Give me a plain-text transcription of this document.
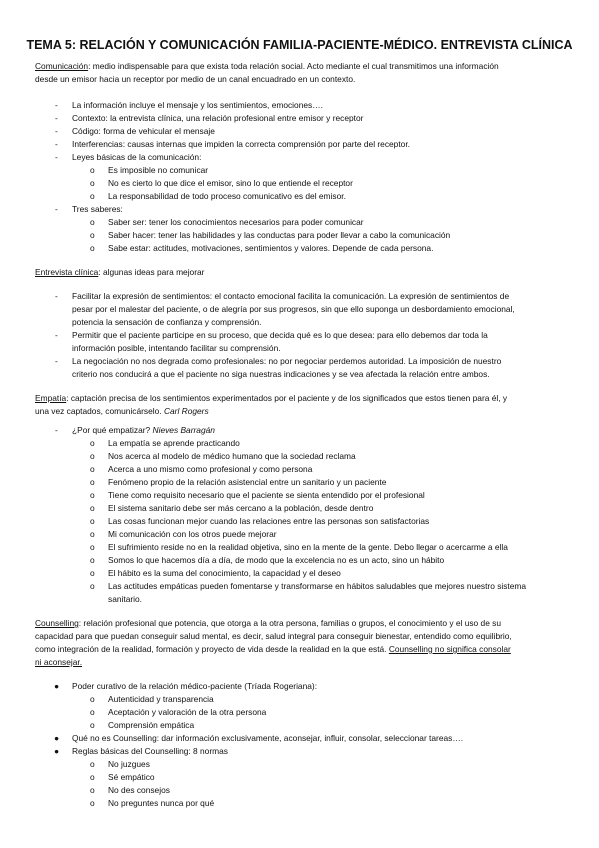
TEMA 5: RELACIÓN Y COMUNICACIÓN FAMILIA-PACIENTE-MÉDICO. ENTREVISTA CLÍNICA
Comunicación: medio indispensable para que exista toda relación social. Acto mediante el cual transmitimos una información
desde un emisor hacia un receptor por medio de un canal encuadrado en un contexto.
- La información incluye el mensaje y los sentimientos, emociones….
- Contexto: la entrevista clínica, una relación profesional entre emisor y receptor
- Código: forma de vehicular el mensaje
- Interferencias: causas internas que impiden la correcta comprensión por parte del receptor.
- Leyes básicas de la comunicación:
o Es imposible no comunicar
o No es cierto lo que dice el emisor, sino lo que entiende el receptor
o La responsabilidad de todo proceso comunicativo es del emisor.
- Tres saberes:
o Saber ser: tener los conocimientos necesarios para poder comunicar
o Saber hacer: tener las habilidades y las conductas para poder llevar a cabo la comunicación
o Sabe estar: actitudes, motivaciones, sentimientos y valores. Depende de cada persona.
Entrevista clínica: algunas ideas para mejorar
- Facilitar la expresión de sentimientos: el contacto emocional facilita la comunicación. La expresión de sentimientos de
pesar por el malestar del paciente, o de alegría por sus progresos, sin que ello suponga un desbordamiento emocional,
potencia la sensación de confianza y comprensión.
- Permitir que el paciente participe en su proceso, que decida qué es lo que desea: para ello debemos dar toda la
información posible, intentando facilitar su comprensión.
- La negociación no nos degrada como profesionales: no por negociar perdemos autoridad. La imposición de nuestro
criterio nos conducirá a que el paciente no siga nuestras indicaciones y se vea afectada la relación entre ambos.
Empatía: captación precisa de los sentimientos experimentados por el paciente y de los significados que estos tienen para él, y
una vez captados, comunicárselo. Carl Rogers
- ¿Por qué empatizar? Nieves Barragán
o La empatía se aprende practicando
o Nos acerca al modelo de médico humano que la sociedad reclama
o Acerca a uno mismo como profesional y como persona
o Fenómeno propio de la relación asistencial entre un sanitario y un paciente
o Tiene como requisito necesario que el paciente se sienta entendido por el profesional
o El sistema sanitario debe ser más cercano a la población, desde dentro
o Las cosas funcionan mejor cuando las relaciones entre las personas son satisfactorias
o Mi comunicación con los otros puede mejorar
o El sufrimiento reside no en la realidad objetiva, sino en la mente de la gente. Debo llegar o acercarme a ella
o Somos lo que hacemos día a día, de modo que la excelencia no es un acto, sino un hábito
o El hábito es la suma del conocimiento, la capacidad y el deseo
o Las actitudes empáticas pueden fomentarse y transformarse en hábitos saludables que mejores nuestro sistema
sanitario.
Counselling: relación profesional que potencia, que otorga a la otra persona, familias o grupos, el conocimiento y el uso de su
capacidad para que puedan conseguir salud mental, es decir, salud integral para conseguir bienestar, entendido como equilibrio,
como integración de la realidad, formación y proyecto de vida desde la realidad en la que está. Counselling no significa consolar
ni aconsejar.
● Poder curativo de la relación médico-paciente (Tríada Rogeriana):
o Autenticidad y transparencia
o Aceptación y valoración de la otra persona
o Comprensión empática
● Qué no es Counselling: dar información exclusivamente, aconsejar, influir, consolar, seleccionar tareas….
● Reglas básicas del Counselling: 8 normas
o No juzgues
o Sé empático
o No des consejos
o No preguntes nunca por qué
